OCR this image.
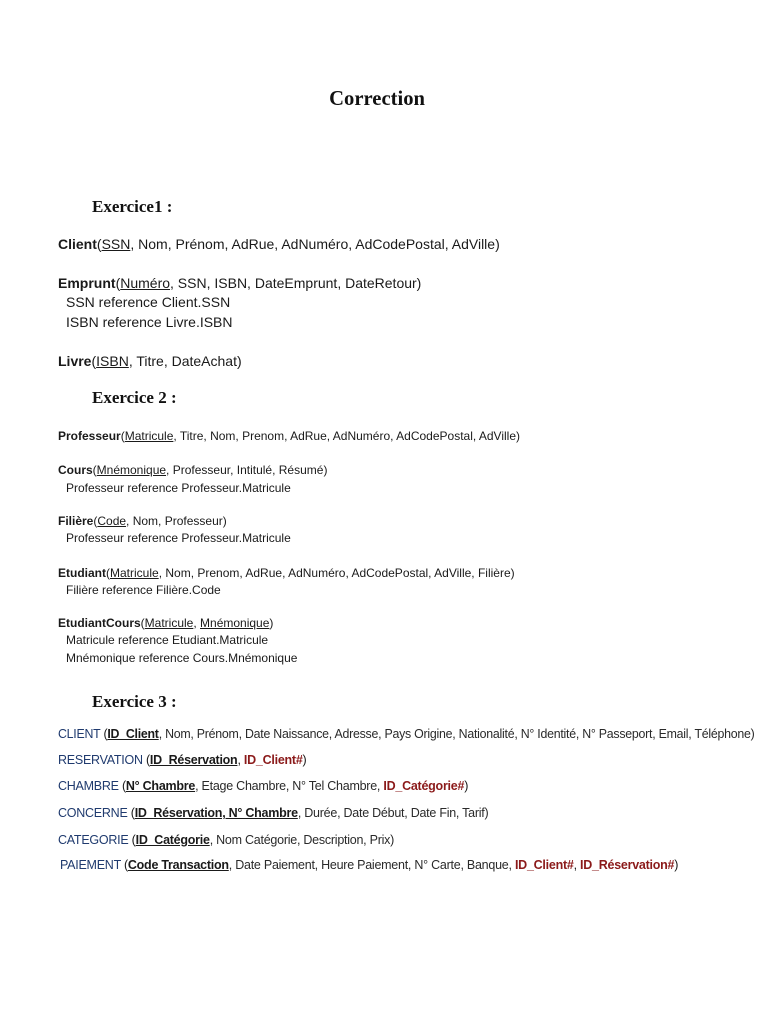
Correction
Exercice1 :
Client(SSN, Nom, Prénom, AdRue, AdNuméro, AdCodePostal, AdVille)
Emprunt(Numéro, SSN, ISBN, DateEmprunt, DateRetour)
SSN reference Client.SSN
ISBN reference Livre.ISBN
Livre(ISBN, Titre, DateAchat)
Exercice 2 :
Professeur(Matricule, Titre, Nom, Prenom, AdRue, AdNuméro, AdCodePostal, AdVille)
Cours(Mnémonique, Professeur, Intitulé, Résumé)
Professeur reference Professeur.Matricule
Filière(Code, Nom, Professeur)
Professeur reference Professeur.Matricule
Etudiant(Matricule, Nom, Prenom, AdRue, AdNuméro, AdCodePostal, AdVille, Filière)
Filière reference Filière.Code
EtudiantCours(Matricule, Mnémonique)
Matricule reference Etudiant.Matricule
Mnémonique reference Cours.Mnémonique
Exercice 3 :
CLIENT (ID_Client, Nom, Prénom, Date Naissance, Adresse, Pays Origine, Nationalité, N° Identité, N° Passeport, Email, Téléphone)
RESERVATION (ID_Réservation, ID_Client#)
CHAMBRE (N° Chambre, Etage Chambre, N° Tel Chambre, ID_Catégorie#)
CONCERNE (ID_Réservation, N° Chambre, Durée, Date Début, Date Fin, Tarif)
CATEGORIE (ID_Catégorie, Nom Catégorie, Description, Prix)
PAIEMENT (Code Transaction, Date Paiement, Heure Paiement, N° Carte, Banque, ID_Client#, ID_Réservation#)
